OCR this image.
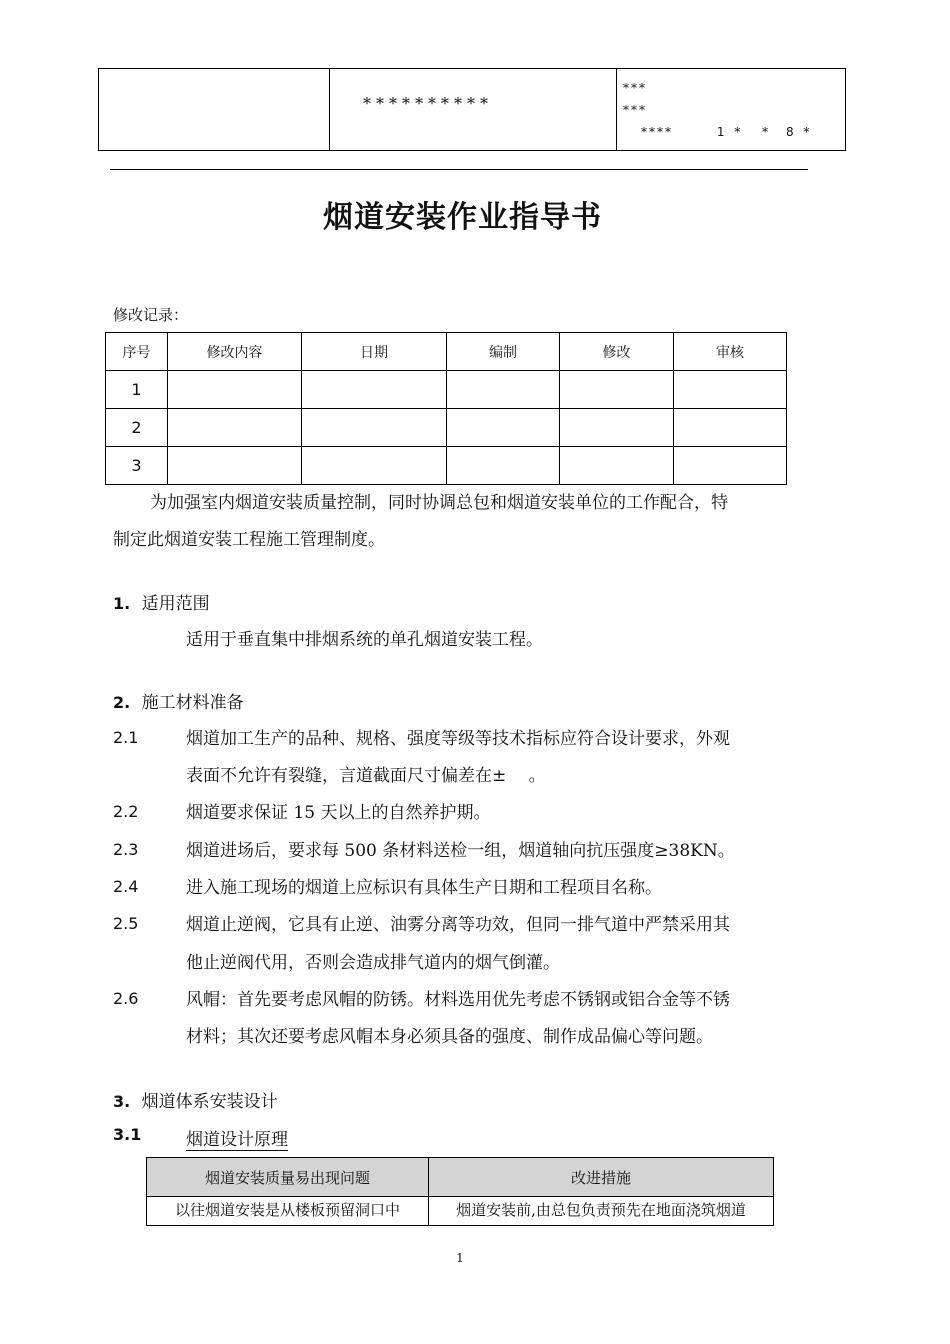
**********
***
***
****	1 * * 8 *
烟道安装作业指导书
修改记录：
序号	修改内容	日期	编制	修改	审核
1					
2					
3					
为加强室内烟道安装质量控制，同时协调总包和烟道安装单位的工作配合，特
制定此烟道安装工程施工管理制度。
1. 适用范围
适用于垂直集中排烟系统的单孔烟道安装工程。
2. 施工材料准备
2.1	烟道加工生产的品种、规格、强度等级等技术指标应符合设计要求，外观
表面不允许有裂缝，言道截面尺寸偏差在±　 。
2.2	烟道要求保证 15 天以上的自然养护期。
2.3	烟道进场后，要求每 500 条材料送检一组，烟道轴向抗压强度≥38KN。
2.4	进入施工现场的烟道上应标识有具体生产日期和工程项目名称。
2.5	烟道止逆阀，它具有止逆、油雾分离等功效，但同一排气道中严禁采用其
他止逆阀代用，否则会造成排气道内的烟气倒灌。
2.6	风帽：首先要考虑风帽的防锈。材料选用优先考虑不锈钢或铝合金等不锈
材料；其次还要考虑风帽本身必须具备的强度、制作成品偏心等问题。
3. 烟道体系安装设计
3.1	烟道设计原理
烟道安装质量易出现问题	改进措施
以往烟道安装是从楼板预留洞口中	烟道安装前,由总包负责预先在地面浇筑烟道
1
